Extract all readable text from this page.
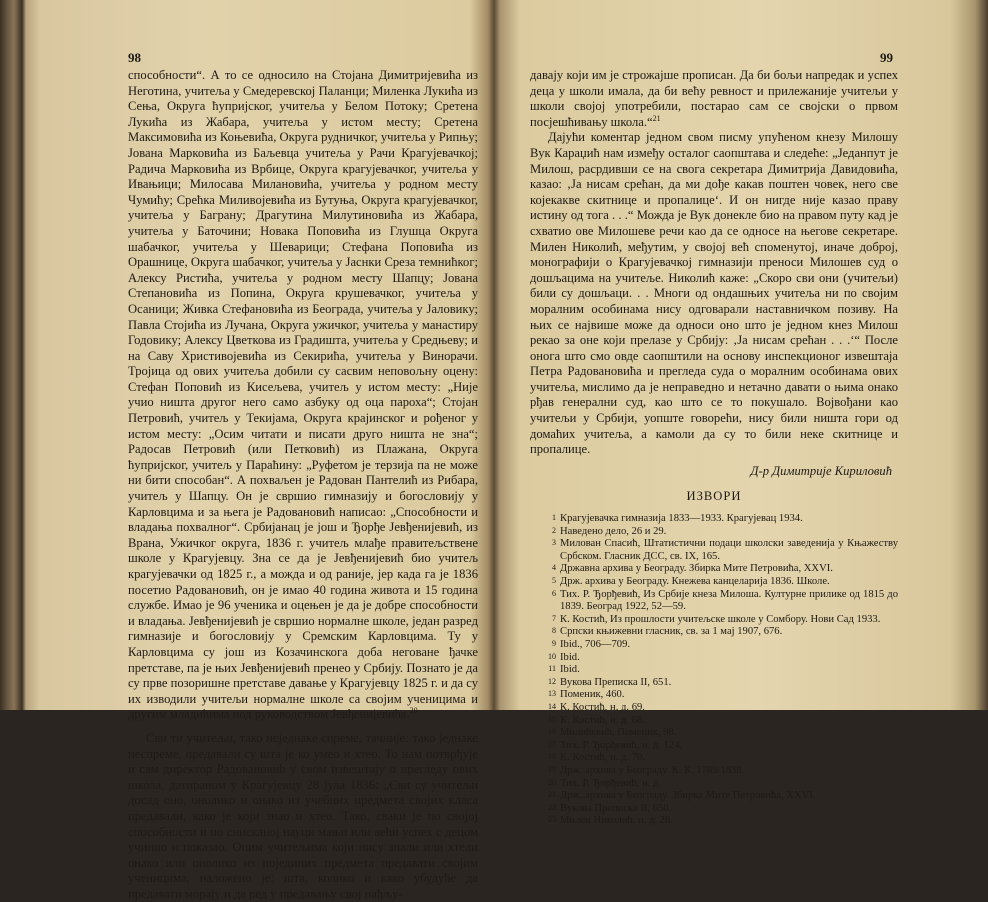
98	99

способности“. А то се односило на Стојана Димитријевића из Неготина, учитеља у Смедеревској Паланци; Миленка Лукића из Сења, Округа ћупријског, учитеља у Белом Потоку; Сретена Лукића из Жабара, учитеља у истом месту; Сретена Максимовића из Коњевића, Округа рудничког, учитеља у Рипњу; Јована Марковића из Баљевца учитеља у Рачи Крагујевачкој; Радича Марковића из Врбице, Округа крагујевачког, учитеља у Ивањици; Милосава Милановића, учитеља у родном месту Чумићу; Срећка Миливојевића из Бутуња, Округа крагујевачког, учитеља у Баграну; Драгутина Милутиновића из Жабара, учитеља у Баточини; Новака Поповића из Глушца Округа шабачког, учитеља у Шеварици; Стефана Поповића из Орашнице, Округа шабачког, учитеља у Јаснки Среза темнићког; Алексу Ристића, учитеља у родном месту Шапцу; Јована Степановића из Попина, Округа крушевачког, учитеља у Осаници; Живка Стефановића из Београда, учитеља у Јаловику; Павла Стојића из Лучана, Округа ужичког, учитеља у манастиру Годовику; Алексу Цветкова из Градишта, учитеља у Средњеву; и на Саву Христивојевића из Секирића, учитеља у Винорачи. Тројица од ових учитеља добили су сасвим неповољну оцену: Стефан Поповић из Кисељева, учитељ у истом месту: „Није учио ништа другог него само азбуку од оца пароха“; Стојан Петровић, учитељ у Текијама, Округа крајинског и рођеног у истом месту: „Осим читати и писати друго ништа не зна“; Радосав Петровић (или Петковић) из Плажана, Округа ћупријског, учитељ у Параћину: „Руфетом је терзија па не може ни бити способан“. А похваљен је Радован Пантелић из Рибара, учитељ у Шапцу. Он је свршио гимназију и богословију у Карловцима и за њега је Радовановић написао: „Способности и владања похвалног“. Србијанац је још и Ђорђе Јевђенијевић, из Врана, Ужичког округа, 1836 г. учитељ млађе правитељствене школе у Крагујевцу. Зна се да је Јевђенијевић био учитељ крагујевачки од 1825 г., а можда и од раније, јер када га је 1836 посетио Радовановић, он је имао 40 година живота и 15 година службе. Имао је 96 ученика и оцењен је да је добре способности и владања. Јевђенијевић је свршио нормалне школе, један разред гимназије и богословију у Сремским Карловцима. Ту у Карловцима су још из Козачинскога доба неговане ђачке претставе, па је њих Јевђенијевић пренео у Србију. Познато је да су прве позоришне претставе давање у Крагујевцу 1825 г. и да су их изводили учитељи нормалне школе са својим ученицима и другим младићима под руководством Јевђенијевића.$^{20}$

Сви ти учитељи, тако неједнаке спреме, тачније: тако једнаке неспреме, предавали су шта је ко умео и хтео. То нам потврђује и сам директор Радовановић у свом извештају о прегледу ових школа, датираном у Крагујевцу 28 јула 1836: „Сви су учитељи досад оно, онолико и онако из учебних предмета својих класа предавали, како је који знао и хтео. Тако, сваки је по својој способности и по снисканој науци мањи или већи успех с децом учинио и показао. Оним учитељима који нису знали или хтели онако или онолико из појединих предмета предавати својим ученицима, наложено је: шта, колико и како убудуће да предавати морају и да ред у предавању свој нађљу-

давају који им је строжајше прописан. Да би бољи напредак и успех деца у школи имала, да би већу ревност и прилежаније учитељи у школи својој употребили, постарао сам се својски о првом посјешћивању школа.“$^{21}$

Дајући коментар једном свом писму упућеном кнезу Милошу Вук Караџић нам између осталог саопштава и следеће: „Једанпут је Милош, расрдивши се на свога секретара Димитрија Давидовића, казао: ‚Ја нисам срећан, да ми дође какав поштен човек, него све којекакве скитнице и пропалице‘. И он нигде није казао праву истину од тога . . .“ Можда је Вук донекле био на правом путу кад је схватио ове Милошеве речи као да се односе на његове секретаре. Милен Николић, међутим, у својој већ споменутој, иначе доброј, монографији о Крагујевачкој гимназији преноси Милошев суд о дошљацима на учитеље. Николић каже: „Скоро сви они (учитељи) били су дошљаци. . . Многи од ондашњих учитеља ни по својим моралним особинама нису одговарали наставничком позиву. На њих се највише може да односи оно што је једном кнез Милош рекао за оне који прелазе у Србију: ‚Ја нисам срећан . . .‘“ После онога што смо овде саопштили на основу инспекционог извештаја Петра Радовановића и прегледа суда о моралним особинама ових учитеља, мислимо да је неправедно и нетачно давати о њима онако рђав генерални суд, као што се то покушало. Војвођани као учитељи у Србији, уопште говорећи, нису били ништа гори од домаћих учитеља, а камоли да су то били неке скитнице и пропалице.

Д-р Димитрије Кириловић
ИЗВОРИ
1 Крагујевачка гимназија 1833—1933. Крагујевац 1934.
2 Наведено дело, 26 и 29.
3 Милован Спасић, Штатистични подаци школски заведенија у Књажеству Србском. Гласник ДСС, св. IX, 165.
4 Државна архива у Београду. Збирка Мите Петровића, XXVI.
5 Држ. архива у Београду. Кнежева канцеларија 1836. Школе.
6 Тих. Р. Ђорђевић, Из Србије кнеза Милоша. Културне прилике од 1815 до 1839. Београд 1922, 52—59.
7 К. Костић, Из прошлости учитељске школе у Сомбору. Нови Сад 1933.
8 Српски књижевни гласник, св. за 1 мај 1907, 676.
9 Ibid., 706—709.
10 Ibid.
11 Ibid.
12 Вукова Преписка II, 651.
13 Поменик, 460.
14 К. Костић, н. д. 69.
15 К. Костић, н. д. 68.
16 Милићевић, Поменик, 98.
17 Тих. Р. Ђорђевић, н. д. 124.
18 К. Костић, н. д. 70.
19 Држ. архива у Београду. К. К. 1789/1838.
20 Тих. Р. Ђорђевић, н. д.
21 Држ. архива у Београду. Збирка Мите Петровића, XXVI.
22 Вукова Преписка II, 650.
23 Милен Николић, н. д. 28.
